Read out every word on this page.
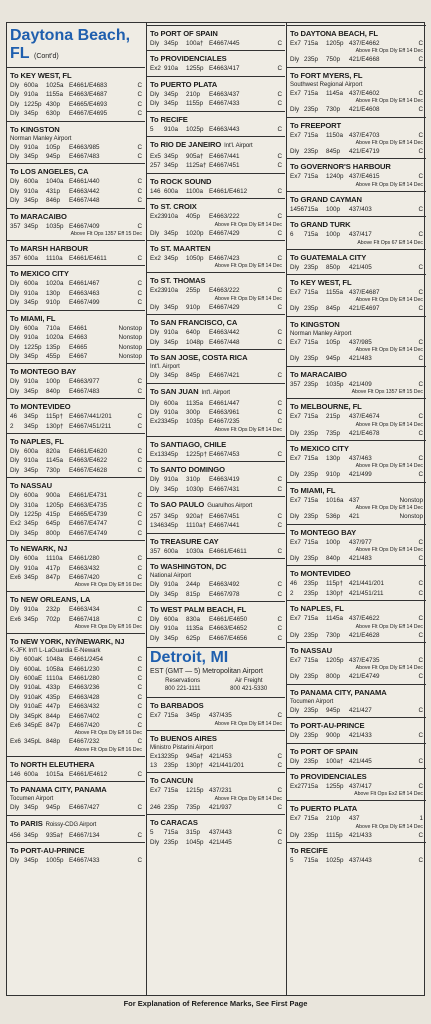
Daytona Beach, FL (Cont'd)
To KEY WEST, FL
Dly 600a	1025a E4661/E4683	C
Dly 910a	1155a E4663/E4687	C
Dly 1225p 430p	E4665/E4693	C
Dly 345p	630p	E4667/E4695	C
To KINGSTON
Norman Manley Airport
Dly 910a	105p	E4663/985	C
Dly 345p	945p	E4667/483	C
To LOS ANGELES, CA
Dly 600a	1040a E4661/440	C
Dly 910a	431p	E4663/442	C
Dly 345p	846p	E4667/448	C
To MARACAIBO
357 345p	1035p E4667/409	C
Above Flt Ops 1357 Eff 15 Dec
To MARSH HARBOUR
357 600a	1110a	E4661/E4611	C
To MEXICO CITY
Dly 600a	1020a E4661/467	C
Dly 910a	130p	E4663/463	C
Dly 345p	910p	E4667/499	C
To MIAMI, FL
Dly 600a	710a	E4661	Nonstop
Dly 910a	1020a E4663	Nonstop
Dly 1225p 135p	E4665	Nonstop
Dly 345p	455p	E4667	Nonstop
To MONTEGO BAY
Dly 910a	100p	E4663/977	C
Dly 345p	840p	E4667/483	C
To MONTEVIDEO
46	345p	115p† E4667/441/201	C
2	345p	130p† E4667/451/211	C
To NAPLES, FL
Dly 600a	820a	E4661/E4620	C
Dly 910a	1145a E4663/E4622	C
Dly 345p	730p	E4667/E4628	C
To NASSAU
Dly 600a	900a	E4661/E4731	C
Dly 310a	1205p E4663/E4735	C
Dly 1225p 415p	E4665/E4739	C
Ex2 345p	645p	E4667/E4747	C
Dly 345p	800p	E4667/E4749	C
To NEWARK, NJ
Dly 600a	1110a	E4661/280	C
Dly 910a	417p	E4663/432	C
Ex6 345p	847p	E4667/420	C
Above Flt Ops Dly Eff 16 Dec
To NEW ORLEANS, LA
Dly 910a	232p	E4663/434	C
Ex6 345p	702p	E4667/418	C
Above Flt Ops Dly Eff 16 Dec
To NEW YORK, NY/NEWARK, NJ
K-JFK Int'l L-LaGuardia E-Newark
Dly 600aK 1048a E4661/2454	C
Dly 600aL 1058a E4661/230	C
Dly 600aE 1110a	E4661/280	C
Dly 910aL 433p	E4663/236	C
Dly 910aK 435p	E4663/428	C
Dly 910aE 447p	E4663/432	C
Dly 345pK 844p	E4667/402	C
Ex6 345pE 847p	E4667/420	C
Above Flt Ops Dly Eff 16 Dec
Ex6 345pL 848p	E4667/232	C
Above Flt Ops Dly Eff 16 Dec
To NORTH ELEUTHERA
146 600a	1015a E4661/E4612	C
To PANAMA CITY, PANAMA
Tocumen Airport
Dly 345p	945p	E4667/427	C
To PARIS Roissy-CDG Airport
456 345p	935a† E4667/134	C
To PORT-AU-PRINCE
Dly 345p	1005p E4667/433	C
To PORT OF SPAIN
Dly 345p	100a† E4667/445	C
To PROVIDENCIALES
Ex2 910a	1255p E4663/417	C
To PUERTO PLATA
Dly 345p	210p	E4663/437	C
Dly 345p	1155p E4667/433	C
To RECIFE
5	910a	1025p E4663/443	C
To RIO DE JANEIRO Int'l. Airport
Ex5 345p	905a† E4667/441	C
257 345p	1125a† E4667/451	C
To ROCK SOUND
146 600a	1100a E4661/E4612	C
To ST. CROIX
Ex23 910a	405p	E4663/222	C
Above Flt Ops Dly Eff 14 Dec
Dly 345p	1020p E4667/429	C
To ST. MAARTEN
Ex2 345p	1050p E4667/423	C
Above Flt Ops Dly Eff 14 Dec
To ST. THOMAS
Ex23 910a	255p	E4663/222	C
Above Flt Ops Dly Eff 14 Dec
Dly 345p	910p	E4667/429	C
To SAN FRANCISCO, CA
Dly 910a	640p	E4663/442	C
Dly 345p	1048p E4667/448	C
To SAN JOSE, COSTA RICA
Int'l. Airport
Dly 345p	845p	E4667/421	C
To SAN JUAN Int'l. Airport
Dly 600a	1135a E4661/447	C
Dly 910a	300p	E4663/961	C
Ex23 345p	1035p E4667/235	C
Above Flt Ops Dly Eff 14 Dec
To SANTIAGO, CHILE
Ex13 345p	1225p† E4667/453	C
To SANTO DOMINGO
Dly 910a	310p	E4663/419	C
Dly 345p	1030p E4667/431	C
To SAO PAULO Guarulhos Airport
257 345p	920a† E4667/451	C
1346 345p	1110a† E4667/441	C
To TREASURE CAY
357 600a	1030a E4661/E4611	C
To WASHINGTON, DC
National Airport
Dly 910a	244p	E4663/492	C
Dly 345p	815p	E4667/978	C
To WEST PALM BEACH, FL
Dly 600a	830a	E4661/E4650	C
Dly 910a	1135a E4663/E4652	C
Dly 345p	625p	E4667/E4656	C
Detroit, MI
EST (GMT — 5) Metropolitan Airport
Reservations
800 221-1111
Air Freight
800 421-5330
To BARBADOS
Ex7 715a	345p	437/435	C
Above Flt Ops Dly Eff 14 Dec
To BUENOS AIRES
Ministro Pistarini Airport
Ex13 235p	945a† 421/453	C
13	235p	130p† 421/441/201	C
To CANCUN
Ex7 715a	1215p 437/231	C
Above Flt Ops Dly Eff 14 Dec
246 235p	735p	421/937	C
To CARACAS
5	715a	315p	437/443	C
Dly 235p	1045p 421/445	C
To DAYTONA BEACH, FL
Ex7 715a	1205p 437/E4662	C
Above Flt Ops Dly Eff 14 Dec
Dly 235p	750p	421/E4668	C
To FORT MYERS, FL
Southwest Regional Airport
Ex7 715a	1145a 437/E4602	C
Above Flt Ops Dly Eff 14 Dec
Dly 235p	730p	421/E4608	C
To FREEPORT
Ex7 715a	1150a 437/E4703	C
Above Flt Ops Dly Eff 14 Dec
Dly 235p	845p	421/E4719	C
To GOVERNOR'S HARBOUR
Ex7 715a	1240p 437/E4615	C
Above Flt Ops Dly Eff 14 Dec
To GRAND CAYMAN
1456 715a	100p	437/403	C
To GRAND TURK
6	715a	100p	437/417	C
Above Flt Ops 67 Eff 14 Dec
To GUATEMALA CITY
Dly 235p	850p	421/405	C
To KEY WEST, FL
Ex7 715a	1155a 437/E4687	C
Above Flt Ops Dly Eff 14 Dec
Dly 235p	845p	421/E4697	C
To KINGSTON
Norman Manley Airport
Ex7 715a	105p	437/985	C
Above Flt Ops Dly Eff 14 Dec
Dly 235p	945p	421/483	C
To MARACAIBO
357 235p	1035p 421/409	C
Above Flt Ops 1357 Eff 15 Dec
To MELBOURNE, FL
Ex7 715a	215p	437/E4674	C
Above Flt Ops Dly Eff 14 Dec
Dly 235p	735p	421/E4678	C
To MEXICO CITY
Ex7 715a	130p	437/463	C
Above Flt Ops Dly Eff 14 Dec
Dly 235p	910p	421/499	C
To MIAMI, FL
Ex7 715a	1016a 437	Nonstop
Above Flt Ops Dly Eff 14 Dec
Dly 235p	536p	421	Nonstop
To MONTEGO BAY
Ex7 715a	100p	437/977	C
Above Flt Ops Dly Eff 14 Dec
Dly 235p	840p	421/483	C
To MONTEVIDEO
46	235p	115p† 421/441/201	C
2	235p	130p† 421/451/211	C
To NAPLES, FL
Ex7 715a	1145a 437/E4622	C
Above Flt Ops Dly Eff 14 Dec
Dly 235p	730p	421/E4628	C
To NASSAU
Ex7 715a	1205p 437/E4735	C
Above Flt Ops Dly Eff 14 Dec
Dly 235p	800p	421/E4749	C
To PANAMA CITY, PANAMA
Tocumen Airport
Dly 235p	945p	421/427	C
To PORT-AU-PRINCE
Dly 235p	900p	421/433	C
To PORT OF SPAIN
Dly 235p	100a† 421/445	C
To PROVIDENCIALES
Ex27 715a	1255p 437/417	C
Above Flt Ops Ex2 Eff 14 Dec
To PUERTO PLATA
Ex7 715a	210p	437	1
Above Flt Ops Dly Eff 14 Dec
Dly 235p	1115p	421/433	C
To RECIFE
5	715a	1025p 437/443	C
For Explanation of Reference Marks, See First Page
